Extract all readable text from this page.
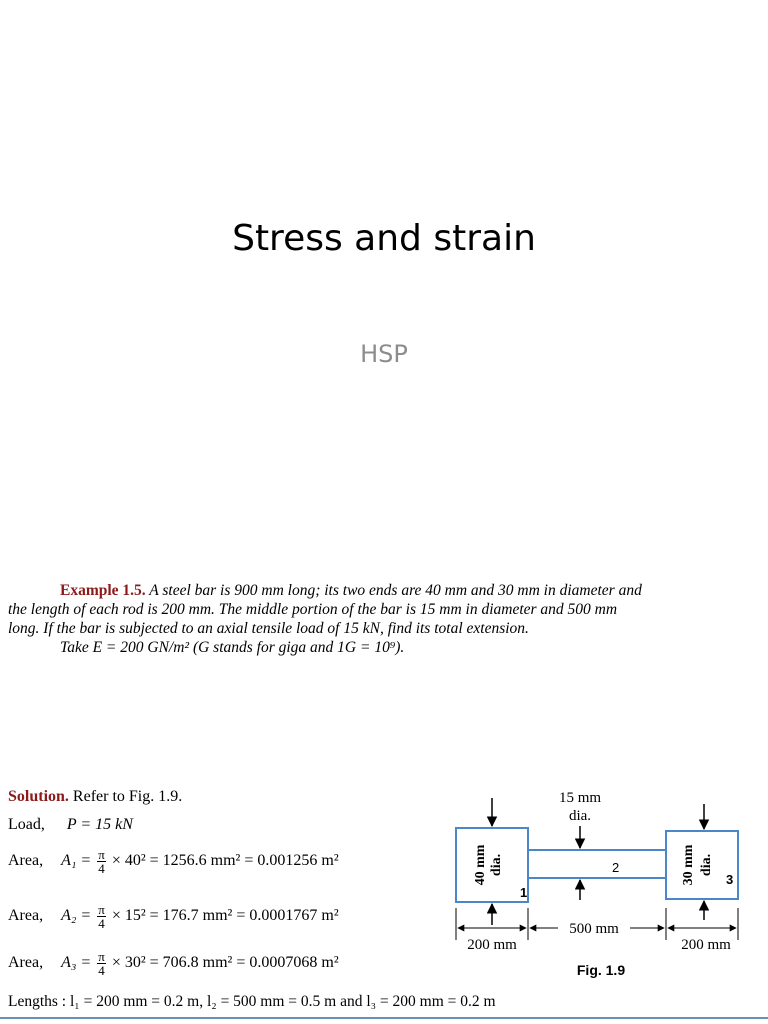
Stress and strain
HSP

Example 1.5. A steel bar is 900 mm long; its two ends are 40 mm and 30 mm in diameter and

the length of each rod is 200 mm. The middle portion of the bar is 15 mm in diameter and 500 mm

long. If the bar is subjected to an axial tensile load of 15 kN, find its total extension.

Take E = 200 GN/m² (G stands for giga and 1G = 10⁹).

Solution. Refer to Fig. 1.9.
Load, P = 15 kN
Area, $A_1 = \frac{\pi}{4} \times 40^2 = 1256.6$ mm² = 0.001256 m²
Area, $A_2 = \frac{\pi}{4} \times 15^2 = 176.7$ mm² = 0.0001767 m²
Area, $A_3 = \frac{\pi}{4} \times 30^2 = 706.8$ mm² = 0.0007068 m²
Lengths : l₁ = 200 mm = 0.2 m, l₂ = 500 mm = 0.5 m and l₃ = 200 mm = 0.2 m
15 mm
dia.
40 mm dia.	30 mm dia.
1
2
3
200 mm
500 mm
200 mm
Fig. 1.9
